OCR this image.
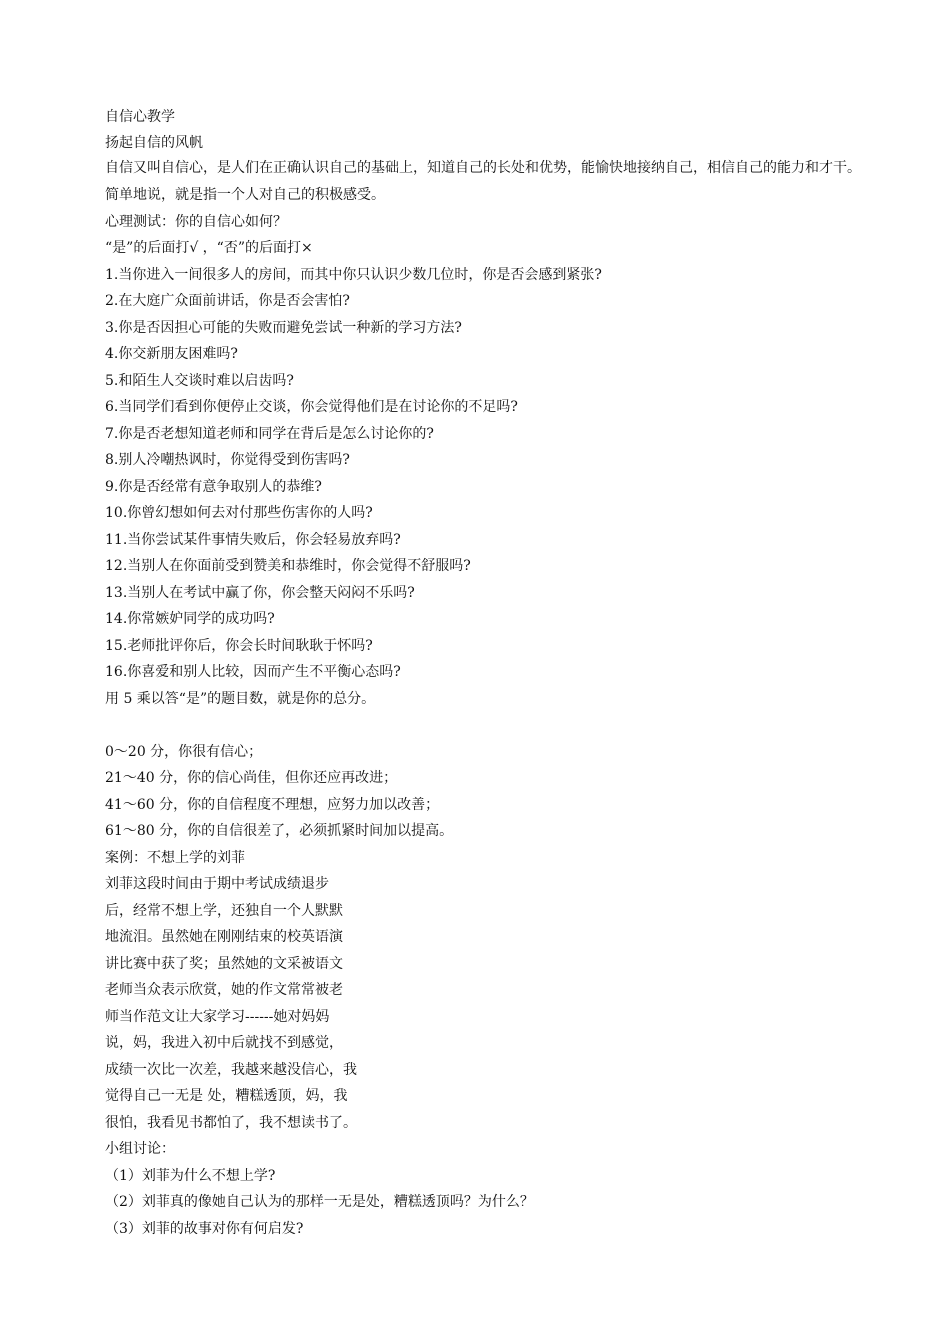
自信心教学
扬起自信的风帆
自信又叫自信心，是人们在正确认识自己的基础上，知道自己的长处和优势，能愉快地接纳自己，相信自己的能力和才干。简单地说，就是指一个人对自己的积极感受。
心理测试：你的自信心如何？
“是”的后面打√ ，“否”的后面打×
1.当你进入一间很多人的房间，而其中你只认识少数几位时，你是否会感到紧张?
2.在大庭广众面前讲话，你是否会害怕?
3.你是否因担心可能的失败而避免尝试一种新的学习方法?
4.你交新朋友困难吗?
5.和陌生人交谈时难以启齿吗?
6.当同学们看到你便停止交谈，你会觉得他们是在讨论你的不足吗?
7.你是否老想知道老师和同学在背后是怎么讨论你的?
8.别人冷嘲热讽时，你觉得受到伤害吗?
9.你是否经常有意争取别人的恭维?
10.你曾幻想如何去对付那些伤害你的人吗?
11.当你尝试某件事情失败后，你会轻易放弃吗?
12.当别人在你面前受到赞美和恭维时，你会觉得不舒服吗?
13.当别人在考试中赢了你，你会整天闷闷不乐吗?
14.你常嫉妒同学的成功吗?
15.老师批评你后，你会长时间耿耿于怀吗?
16.你喜爱和别人比较，因而产生不平衡心态吗?
用 5 乘以答“是”的题目数，就是你的总分。
0～20 分，你很有信心；
21～40 分，你的信心尚佳，但你还应再改进；
41～60 分，你的自信程度不理想，应努力加以改善；
61～80 分，你的自信很差了，必须抓紧时间加以提高。
案例：不想上学的刘菲
刘菲这段时间由于期中考试成绩退步
后，经常不想上学，还独自一个人默默
地流泪。虽然她在刚刚结束的校英语演
讲比赛中获了奖；虽然她的文采被语文
老师当众表示欣赏，她的作文常常被老
师当作范文让大家学习------她对妈妈
说，妈，我进入初中后就找不到感觉，
成绩一次比一次差，我越来越没信心，我
觉得自己一无是 处，糟糕透顶，妈，我
很怕，我看见书都怕了，我不想读书了。
小组讨论：
（1）刘菲为什么不想上学?
（2）刘菲真的像她自己认为的那样一无是处，糟糕透顶吗？为什么？
（3）刘菲的故事对你有何启发?
